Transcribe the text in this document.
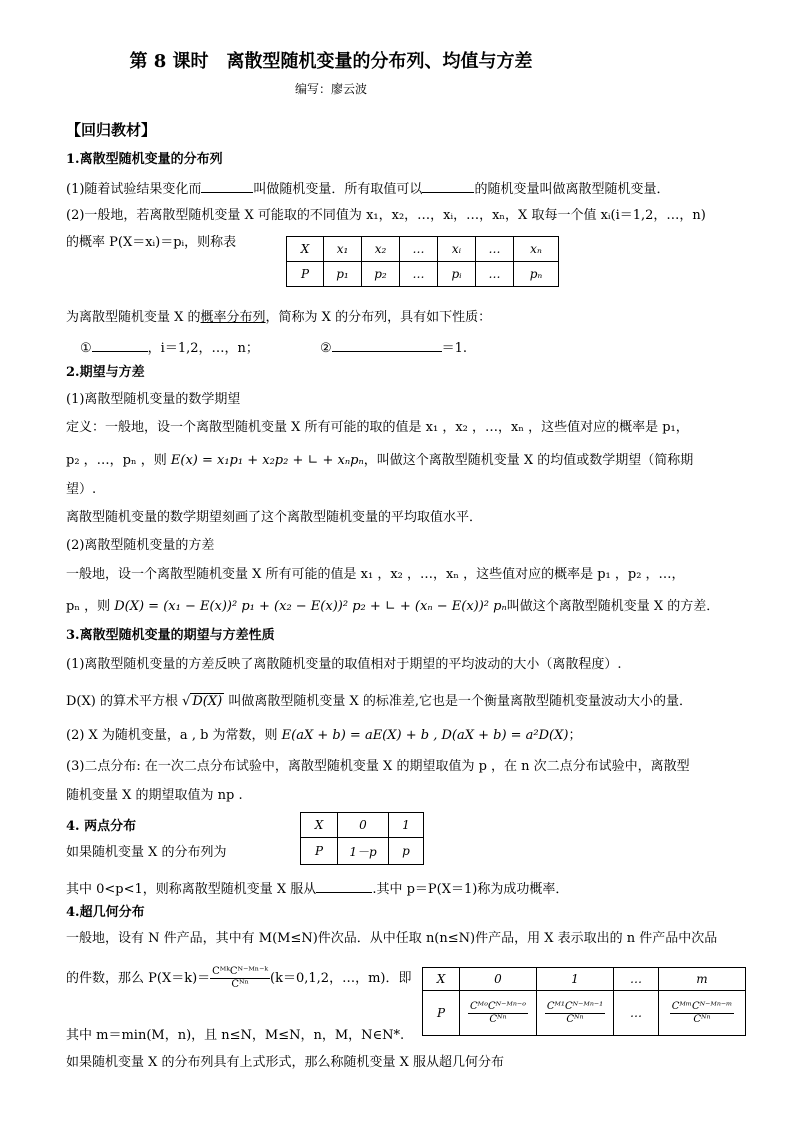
第 8 课时　离散型随机变量的分布列、均值与方差
编写：廖云波
【回归教材】
1.离散型随机变量的分布列
(1)随着试验结果变化而	叫做随机变量．所有取值可以	的随机变量叫做离散型随机变量．
(2)一般地，若离散型随机变量 X 可能取的不同值为 x₁，x₂，…，xᵢ，…，xₙ，X 取每一个值 xᵢ(i＝1,2，…，n)
的概率 P(X＝xᵢ)＝pᵢ，则称表	X	x₁	x₂	…	xᵢ	…	xₙ
P	p₁	p₂	…	pᵢ	…	pₙ
为离散型随机变量 X 的概率分布列，简称为 X 的分布列，具有如下性质：
①	，i＝1,2，…，n；	②	＝1.
2.期望与方差
(1)离散型随机变量的数学期望
定义：一般地，设一个离散型随机变量 X 所有可能的取的值是 x₁ ，x₂ ，…，xₙ ，这些值对应的概率是 p₁，
p₂ ，…，pₙ ，则 E(x) = x₁p₁ + x₂p₂ + ∟ + xₙpₙ，叫做这个离散型随机变量 X 的均值或数学期望（简称期
望）.
离散型随机变量的数学期望刻画了这个离散型随机变量的平均取值水平．
(2)离散型随机变量的方差
一般地，设一个离散型随机变量 X 所有可能的值是 x₁ ，x₂ ，…，xₙ ，这些值对应的概率是 p₁ ，p₂ ，…，
pₙ ，则 D(X) = (x₁ − E(x))² p₁ + (x₂ − E(x))² p₂ + ∟ + (xₙ − E(x))² pₙ叫做这个离散型随机变量 X 的方差．
3.离散型随机变量的期望与方差性质
(1)离散型随机变量的方差反映了离散随机变量的取值相对于期望的平均波动的大小（离散程度）.
D(X) 的算术平方根 √ D(X) 叫做离散型随机变量 X 的标准差,它也是一个衡量离散型随机变量波动大小的量．
(2) X 为随机变量，a , b 为常数，则 E(aX + b) = aE(X) + b , D(aX + b) = a²D(X)；
(3)二点分布: 在一次二点分布试验中，离散型随机变量 X 的期望取值为 p ，在 n 次二点分布试验中，离散型
随机变量 X 的期望取值为 np .
4. 两点分布
如果随机变量 X 的分布列为
X	0	1
P	1－p	p
其中 0<p<1，则称离散型随机变量 X 服从	.其中 p＝P(X＝1)称为成功概率．
4.超几何分布
一般地，设有 N 件产品，其中有 M(M≤N)件次品．从中任取 n(n≤N)件产品，用 X 表示取出的 n 件产品中次品
的件数，那么 $P(X=k)= \frac{\text{CᴹᵏCᴺ⁻ᴹⁿ⁻ᵏ}}{\text{Cᴺⁿ}} (k=0,1,2$，…，m)．即 X	0	1	…	m
P	$\frac{\text{CᴹᵒCᴺ⁻ᴹⁿ⁻ᵒ}}{\text{Cᴺⁿ}}$	$\frac{\text{Cᴹ¹Cᴺ⁻ᴹⁿ⁻¹}}{\text{Cᴺⁿ}}$	…	$\frac{\text{CᴹᵐCᴺ⁻ᴹⁿ⁻ᵐ}}{\text{Cᴺⁿ}}$
其中 m＝min(M，n)，且 n≤N，M≤N，n，M，N∈N*.
如果随机变量 X 的分布列具有上式形式，那么称随机变量 X 服从超几何分布
